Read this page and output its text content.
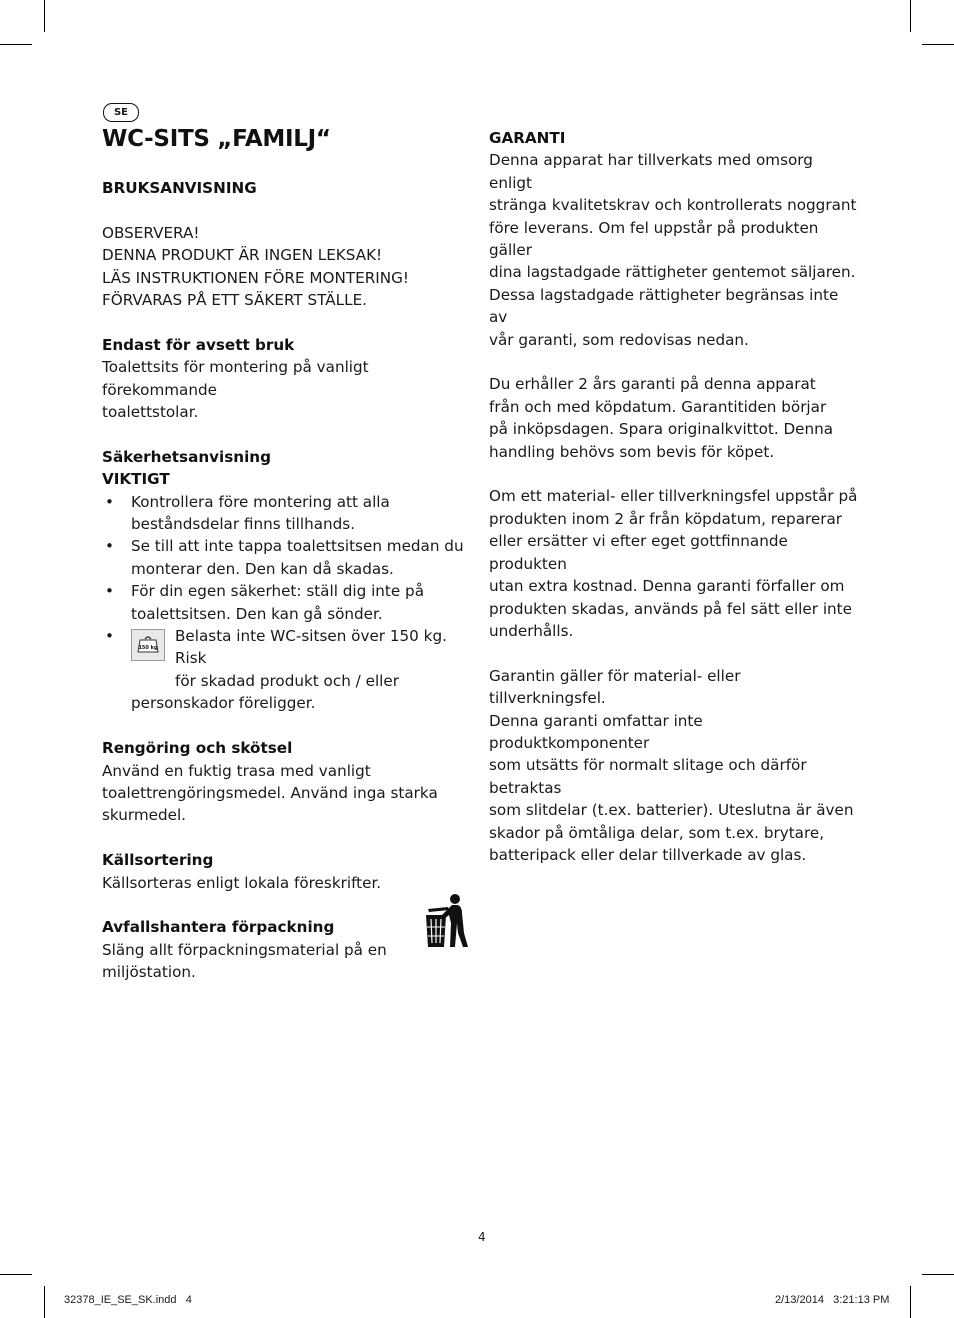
SE
WC-SITS „FAMILJ“
BRUKSANVISNING
OBSERVERA!
DENNA PRODUKT ÄR INGEN LEKSAK!
LÄS INSTRUKTIONEN FÖRE MONTERING!
FÖRVARAS PÅ ETT SÄKERT STÄLLE.
Endast för avsett bruk
Toalettsits för montering på vanligt förekommande
toalettstolar.
Säkerhetsanvisning
VIKTIGT
• Kontrollera före montering att alla
beståndsdelar finns tillhands.
• Se till att inte tappa toalettsitsen medan du
monterar den. Den kan då skadas.
• För din egen säkerhet: ställ dig inte på
toalettsitsen. Den kan gå sönder.
•
150 kg
Belasta inte WC-sitsen över 150 kg. Risk
för skadad produkt och / eller
personskador föreligger.
Rengöring och skötsel
Använd en fuktig trasa med vanligt
toalettrengöringsmedel. Använd inga starka
skurmedel.
Källsortering
Källsorteras enligt lokala föreskrifter.
Avfallshantera förpackning
Släng allt förpackningsmaterial på en
miljöstation.
GARANTI
Denna apparat har tillverkats med omsorg enligt
stränga kvalitetskrav och kontrollerats noggrant
före leverans. Om fel uppstår på produkten gäller
dina lagstadgade rättigheter gentemot säljaren.
Dessa lagstadgade rättigheter begränsas inte av
vår garanti, som redovisas nedan.
Du erhåller 2 års garanti på denna apparat
från och med köpdatum. Garantitiden börjar
på inköpsdagen. Spara originalkvittot. Denna
handling behövs som bevis för köpet.
Om ett material- eller tillverkningsfel uppstår på
produkten inom 2 år från köpdatum, reparerar
eller ersätter vi efter eget gottfinnande produkten
utan extra kostnad. Denna garanti förfaller om
produkten skadas, används på fel sätt eller inte
underhålls.
Garantin gäller för material- eller tillverkningsfel.
Denna garanti omfattar inte produktkomponenter
som utsätts för normalt slitage och därför betraktas
som slitdelar (t.ex. batterier). Uteslutna är även
skador på ömtåliga delar, som t.ex. brytare,
batteripack eller delar tillverkade av glas.
4
32378_IE_SE_SK.indd   4	2/13/2014   3:21:13 PM
